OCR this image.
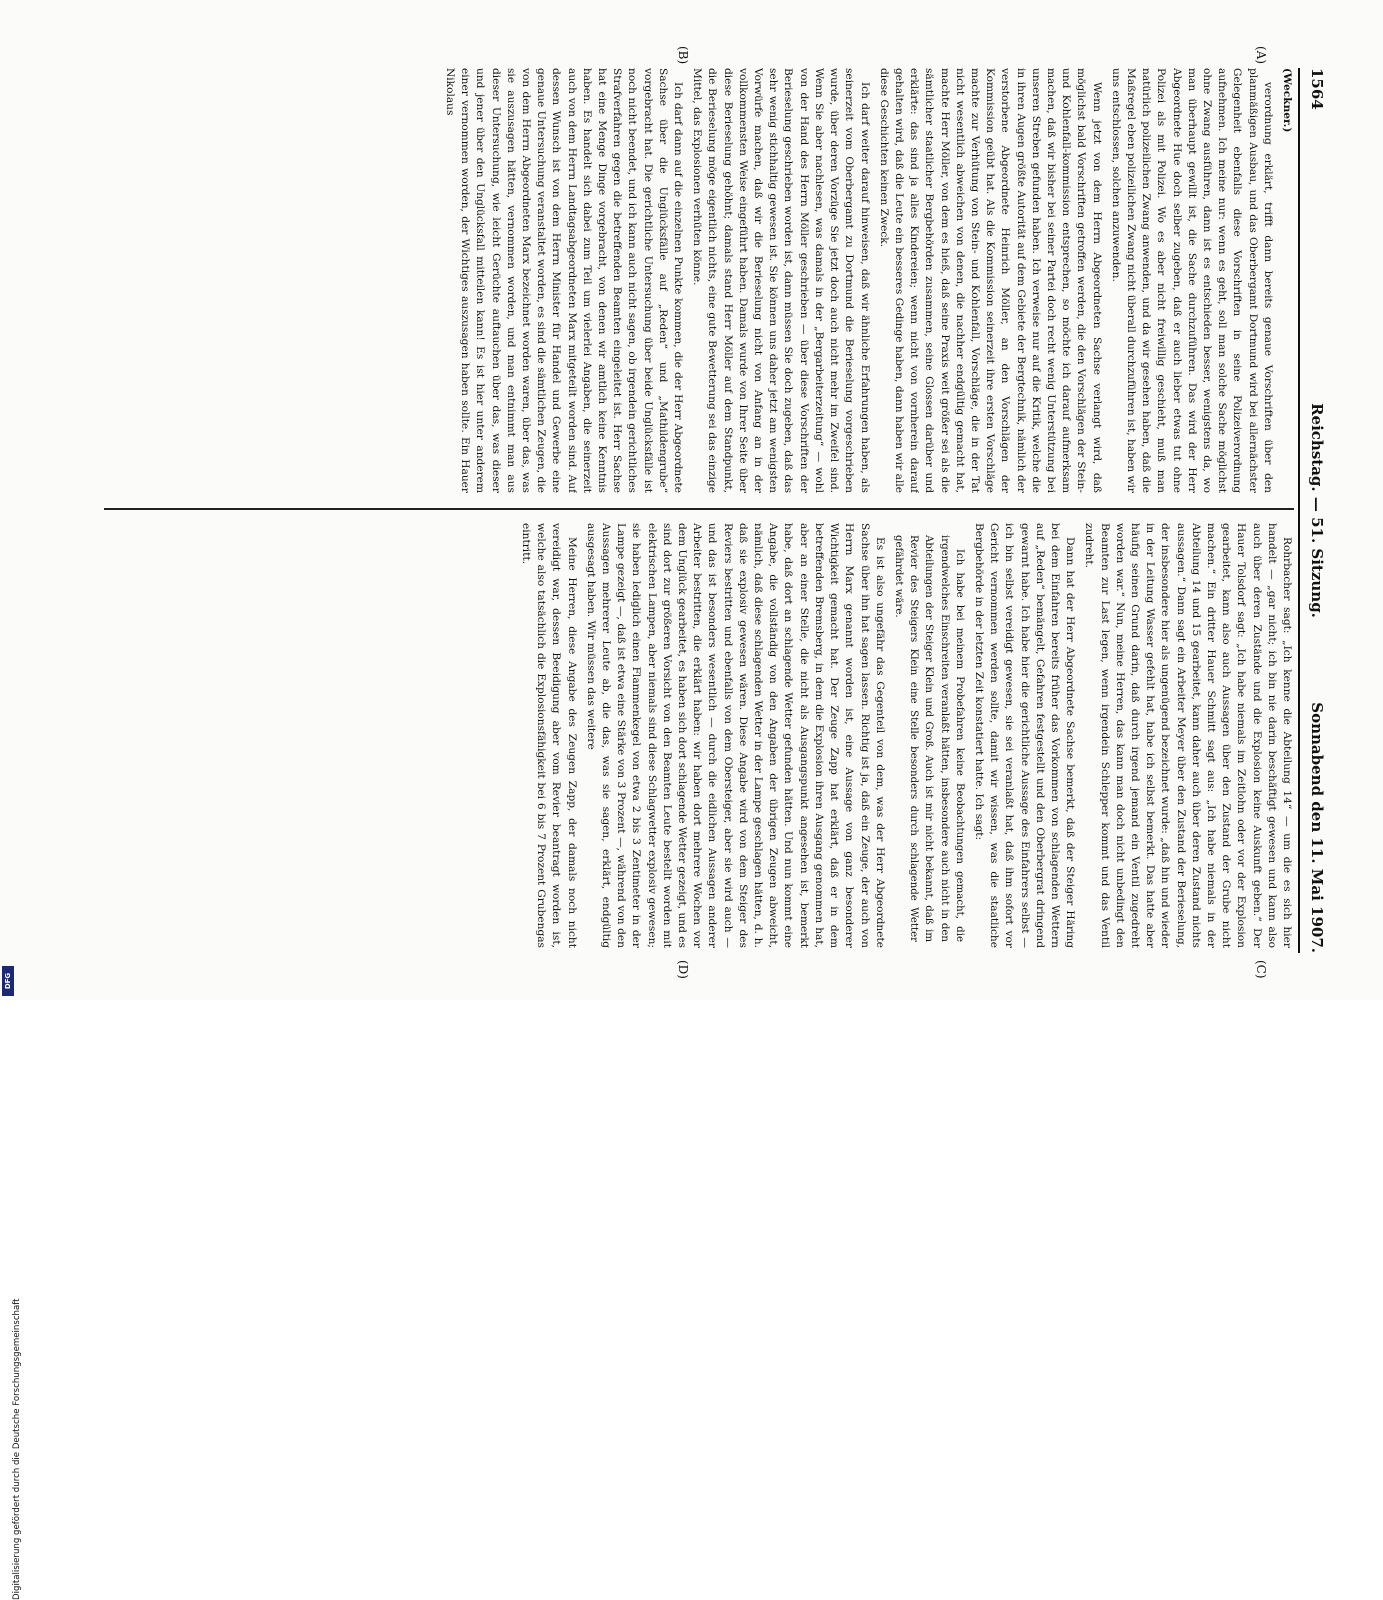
1564
Reichstag. — 51. Sitzung.
Sonnabend den 11. Mai 1907.
(A)
(B)
(C)
(D)

(Weckner.)

verordnung erklärt, trifft dann bereits genaue Vorschriften über den planmäßigen Ausbau, und das Oberbergamt Dortmund wird bei allernächster Gelegenheit ebenfalls diese Vorschriften in seine Polizeiverordnung aufnehmen. Ich meine nur: wenn es geht, soll man solche Sache möglichst ohne Zwang ausführen, dann ist es entschieden besser, wenigstens da, wo man überhaupt gewillt ist, die Sache durchzuführen. Das wird der Herr Abgeordnete Hue doch selber zugeben, daß er auch lieber etwas tut ohne Polizei als mit Polizei. Wo es aber nicht freiwillig geschieht, muß man natürlich polizeilichen Zwang anwenden, und da wir gesehen haben, daß die Maßregel eben polizeilichen Zwang nicht überall durchzuführen ist, haben wir uns entschlossen, solchen anzuwenden.

Wenn jetzt von dem Herrn Abgeordneten Sachse verlangt wird, daß möglichst bald Vorschriften getroffen werden, die den Vorschlägen der Stein- und Kohlenfall-kommission entsprechen, so möchte ich darauf aufmerksam machen, daß wir bisher bei seiner Partei doch recht wenig Unterstützung bei unseren Streben gefunden haben. Ich verweise nur auf die Kritik, welche die in ihren Augen größte Autorität auf dem Gebiete der Bergtechnik, nämlich der verstorbene Abgeordnete Heinrich Möller, an den Vorschlägen der Kommission geübt hat. Als die Kommission seinerzeit ihre ersten Vorschläge machte zur Verhütung von Stein- und Kohlenfall, Vorschläge, die in der Tat nicht wesentlich abweichen von denen, die nachher endgültig gemacht hat, machte Herr Möller, von dem es hieß, daß seine Praxis weit größer sei als die sämtlicher staatlicher Bergbehörden zusammen, seine Glossen darüber und erklärte: das sind ja alles Kindereien; wenn nicht von vornherein darauf gehalten wird, daß die Leute ein besseres Gedinge haben, dann haben wir alle diese Geschichten keinen Zweck.

Ich darf weiter darauf hinweisen, daß wir ähnliche Erfahrungen haben, als seinerzeit vom Oberbergamt zu Dortmund die Berieselung vorgeschrieben wurde, über deren Vorzüge Sie jetzt doch auch nicht mehr im Zweifel sind. Wenn Sie aber nachlesen, was damals in der „Bergarbeiterzeitung“ — wohl von der Hand des Herrn Möller geschrieben — über diese Vorschriften der Berieselung geschrieben worden ist, dann müssen Sie doch zugeben, daß das sehr wenig stichhaltig gewesen ist. Sie können uns daher jetzt am wenigsten Vorwürfe machen, daß wir die Berieselung nicht von Anfang an in der vollkommensten Weise eingeführt haben. Damals wurde von Ihrer Seite über diese Berieselung gehöhnt; damals stand Herr Möller auf dem Standpunkt, die Berieselung möge eigentlich nichts, eine gute Bewetterung sei das einzige Mittel, das Explosionen verhüten könne.

Ich darf dann auf die einzelnen Punkte kommen, die der Herr Abgeordnete Sachse über die Unglücksfälle auf „Reden“ und „Mathildengrube“ vorgebracht hat. Die gerichtliche Untersuchung über beide Unglücksfälle ist noch nicht beendet, und ich kann auch nicht sagen, ob irgendein gerichtliches Strafverfahren gegen die betreffenden Beamten eingeleitet ist. Herr Sachse hat eine Menge Dinge vorgebracht, von denen wir amtlich keine Kenntnis haben. Es handelt sich dabei zum Teil um vielerlei Angaben, die seinerzeit auch von dem Herrn Landtagsabgeordneten Marx mitgeteilt worden sind. Auf dessen Wunsch ist von dem Herrn Minister für Handel und Gewerbe eine genaue Untersuchung veranstaltet worden, es sind die sämtlichen Zeugen, die von dem Herrn Abgeordneten Marx bezeichnet worden waren, über das, was sie auszusagen hätten, vernommen worden, und man entnimmt man aus dieser Untersuchung, wie leicht Gerüchte auftauchen über das, was dieser und jener über den Unglücksfall mitteilen kann! Es ist hier unter anderem einer vernommen worden, der Wichtiges auszusagen haben sollte. Ein Hauer Nikolaus

Rohrbacher sagt: „Ich kenne die Abteilung 14“ — um die es sich hier handelt — „gar nicht; ich bin nie darin beschäftigt gewesen und kann also auch über deren Zustände und die Explosion keine Auskunft geben.“ Der Hauer Tolsdorf sagt: „Ich habe niemals im Zeitlohn oder vor der Explosion gearbeitet, kann also auch Aussagen über den Zustand der Grube nicht machen.“ Ein dritter Hauer Schmitt sagt aus: „Ich habe niemals in der Abteilung 14 und 15 gearbeitet, kann daher auch über deren Zustand nichts aussagen.“ Dann sagt ein Arbeiter Meyer über den Zustand der Berieselung, der insbesondere hier als ungenügend bezeichnet wurde: „daß hin und wieder in der Leitung Wasser gefehlt hat, habe ich selbst bemerkt. Das hatte aber häufig seinen Grund darin, daß durch irgend jemand ein Ventil zugedreht worden war.“ Nun, meine Herren, das kann man doch nicht unbedingt den Beamten zur Last legen, wenn irgendein Schlepper kommt und das Ventil zudreht.

Dann hat der Herr Abgeordnete Sachse bemerkt, daß der Steiger Häring bei dem Einfahren bereits früher das Vorkommen von schlagenden Wettern auf „Reden“ bemängelt, Gefahren festgestellt und den Oberbergrat dringend gewarnt habe. Ich habe hier die gerichtliche Aussage des Einfahrers selbst — ich bin selbst vereidigt gewesen, sie sei veranlaßt hat, daß ihm sofort vor Gericht vernommen werden sollte, damit wir wissen, was die staatliche Bergbehörde in der letzten Zeit konstatiert hatte. Ich sagt:

Ich habe bei meinem Probefahren keine Beobachtungen gemacht, die irgendwelches Einschreiten veranlaßt hätten, insbesondere auch nicht in den Abteilungen der Steiger Klein und Groß. Auch ist mir nicht bekannt, daß im Revier des Steigers Klein eine Stelle besonders durch schlagende Wetter gefährdet wäre.

Es ist also ungefähr das Gegenteil von dem, was der Herr Abgeordnete Sachse über ihn hat sagen lassen. Richtig ist ja, daß ein Zeuge, der auch von Herrn Marx genannt worden ist, eine Aussage von ganz besonderer Wichtigkeit gemacht hat. Der Zeuge Zapp hat erklärt, daß er in dem betreffenden Bremsberg, in dem die Explosion ihren Ausgang genommen hat, aber an einer Stelle, die nicht als Ausgangspunkt angesehen ist, bemerkt habe, daß dort an schlagende Wetter gefunden hätten. Und nun kommt eine Angabe, die vollständig von den Angaben der übrigen Zeugen abweicht, nämlich, daß diese schlagenden Wetter in der Lampe geschlagen hätten, d. h. daß sie explosiv gewesen wären. Diese Angabe wird von dem Steiger des Reviers bestritten und ebenfalls von dem Obersteiger, aber sie wird auch — und das ist besonders wesentlich — durch die eidlichen Aussagen anderer Arbeiter bestritten, die erklärt haben: wir haben dort mehrere Wochen vor dem Unglück gearbeitet, es haben sich dort schlagende Wetter gezeigt, und es sind dort zur größeren Vorsicht von den Beamten Leute bestellt worden mit elektrischen Lampen, aber niemals sind diese Schlagwetter explosiv gewesen; sie haben lediglich einen Flammenkegel von etwa 2 bis 3 Zentimeter in der Lampe gezeigt —, daß ist etwa eine Stärke von 3 Prozent —, während von den Aussagen mehrerer Leute ab, die das, was sie sagen, erklärt, endgültig ausgesagt haben. Wir müssen das weitere

Meine Herren, diese Angabe des Zeugen Zapp, der damals noch nicht vereidigt war, dessen Beeidigung aber vom Revier beantragt worden ist, welche also tatsächlich die Explosionsfähigkeit bei 6 bis 7 Prozent Grubengas eintritt.

Digitalisierung gefördert durch die Deutsche Forschungsgemeinschaft
DFG
